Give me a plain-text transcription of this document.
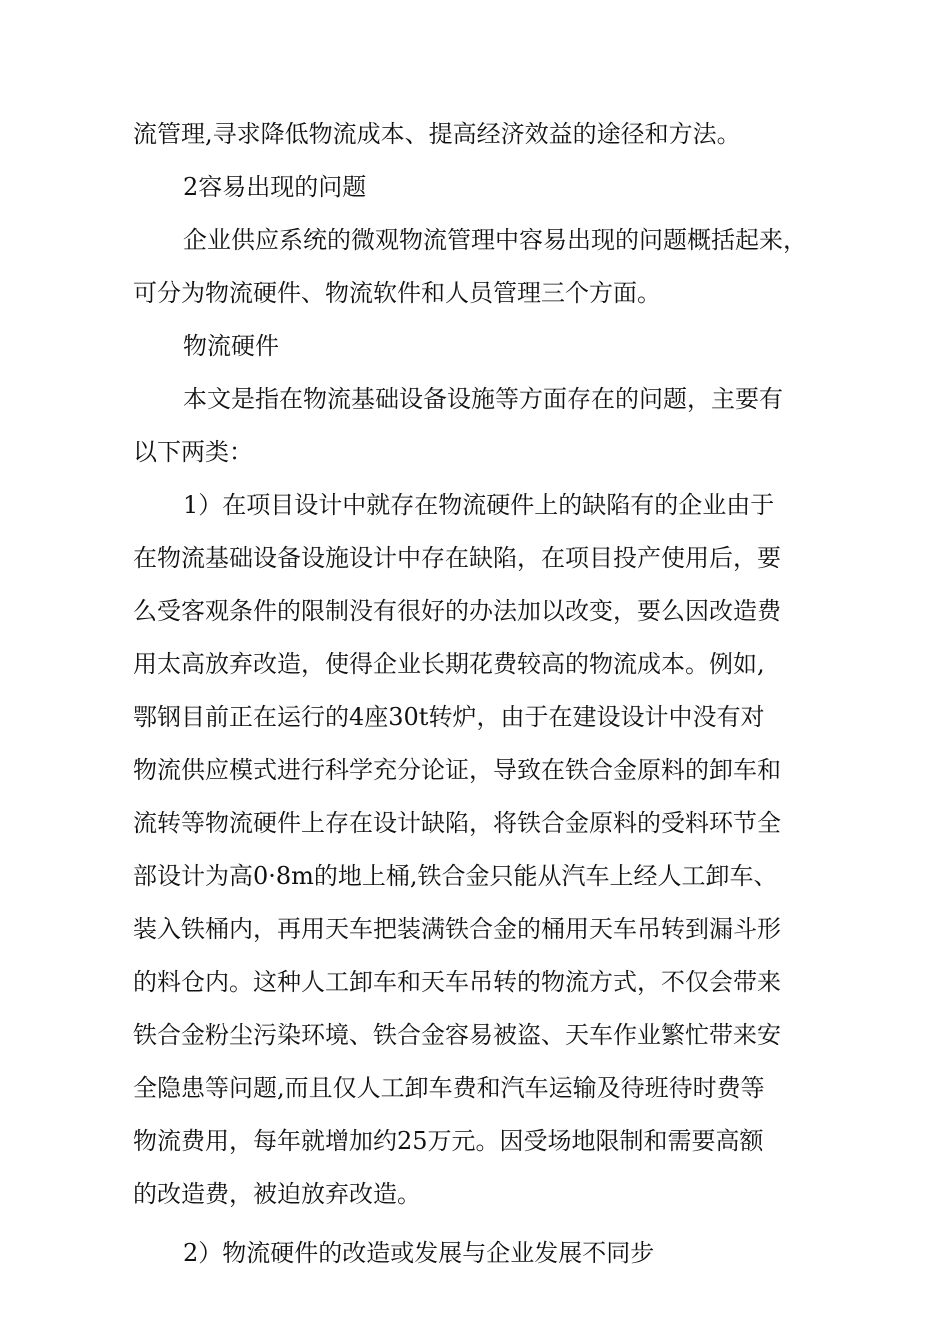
流管理,寻求降低物流成本、提高经济效益的途径和方法。
2容易出现的问题
企业供应系统的微观物流管理中容易出现的问题概括起来，
可分为物流硬件、物流软件和人员管理三个方面。
物流硬件
本文是指在物流基础设备设施等方面存在的问题，主要有
以下两类：
1）在项目设计中就存在物流硬件上的缺陷有的企业由于
在物流基础设备设施设计中存在缺陷，在项目投产使用后，要
么受客观条件的限制没有很好的办法加以改变，要么因改造费
用太高放弃改造，使得企业长期花费较高的物流成本。例如,
鄂钢目前正在运行的4座30t转炉，由于在建设设计中没有对
物流供应模式进行科学充分论证，导致在铁合金原料的卸车和
流转等物流硬件上存在设计缺陷，将铁合金原料的受料环节全
部设计为高0·8m的地上桶,铁合金只能从汽车上经人工卸车、
装入铁桶内，再用天车把装满铁合金的桶用天车吊转到漏斗形
的料仓内。这种人工卸车和天车吊转的物流方式，不仅会带来
铁合金粉尘污染环境、铁合金容易被盗、天车作业繁忙带来安
全隐患等问题,而且仅人工卸车费和汽车运输及待班待时费等
物流费用，每年就增加约25万元。因受场地限制和需要高额
的改造费，被迫放弃改造。
2）物流硬件的改造或发展与企业发展不同步
